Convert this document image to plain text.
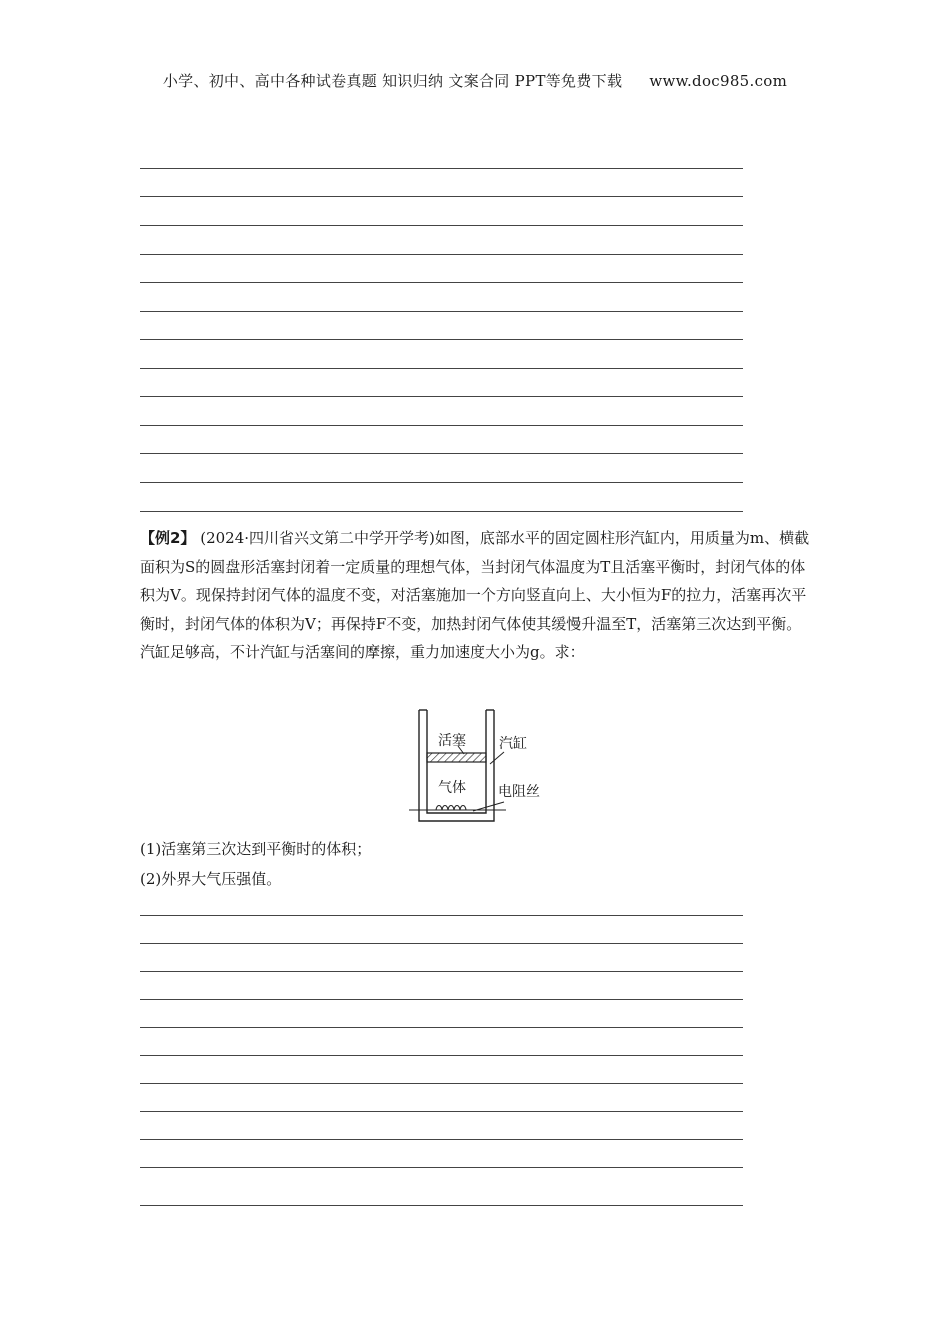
小学、初中、高中各种试卷真题 知识归纳 文案合同 PPT等免费下载 www.doc985.com

【例2】 (2024·四川省兴文第二中学开学考)如图，底部水平的固定圆柱形汽缸内，用质量为m、横截面积为S的圆盘形活塞封闭着一定质量的理想气体，当封闭气体温度为T且活塞平衡时，封闭气体的体积为V。现保持封闭气体的温度不变，对活塞施加一个方向竖直向上、大小恒为F的拉力，活塞再次平衡时，封闭气体的体积为V；再保持F不变，加热封闭气体使其缓慢升温至T，活塞第三次达到平衡。汽缸足够高，不计汽缸与活塞间的摩擦，重力加速度大小为g。求：

活塞 汽缸
气体 电阻丝
(1)活塞第三次达到平衡时的体积；
(2)外界大气压强值。
